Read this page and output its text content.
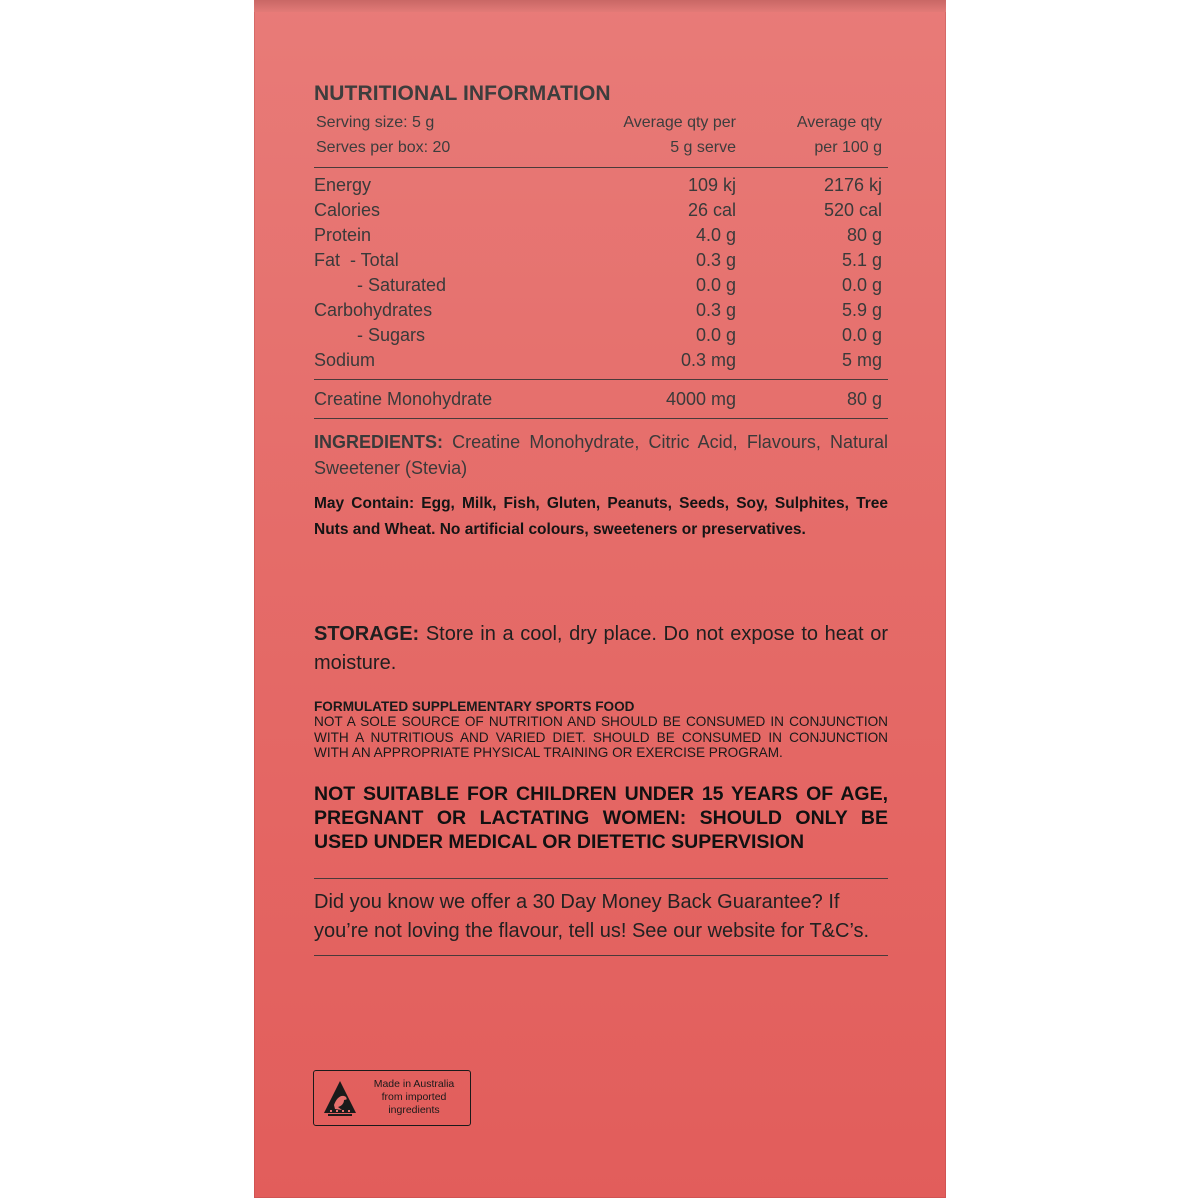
NUTRITIONAL INFORMATION
Serving size: 5 g	Average qty per	Average qty
Serves per box: 20	5 g serve	per 100 g
Energy	109 kj	2176 kj
Calories	26 cal	520 cal
Protein	4.0 g	80 g
Fat  - Total	0.3 g	5.1 g
- Saturated	0.0 g	0.0 g
Carbohydrates	0.3 g	5.9 g
- Sugars	0.0 g	0.0 g
Sodium	0.3 mg	5 mg
Creatine Monohydrate	4000 mg	80 g
INGREDIENTS: Creatine Monohydrate, Citric Acid, Flavours, Natural Sweetener (Stevia)
May Contain: Egg, Milk, Fish, Gluten, Peanuts, Seeds, Soy, Sulphites, Tree Nuts and Wheat. No artificial colours, sweeteners or preservatives.
STORAGE: Store in a cool, dry place. Do not expose to heat or moisture.
FORMULATED SUPPLEMENTARY SPORTS FOOD
NOT A SOLE SOURCE OF NUTRITION AND SHOULD BE CONSUMED IN CONJUNCTION WITH A NUTRITIOUS AND VARIED DIET. SHOULD BE CONSUMED IN CONJUNCTION WITH AN APPROPRIATE PHYSICAL TRAINING OR EXERCISE PROGRAM.
NOT SUITABLE FOR CHILDREN UNDER 15 YEARS OF AGE, PREGNANT OR LACTATING WOMEN: SHOULD ONLY BE USED UNDER MEDICAL OR DIETETIC SUPERVISION
Did you know we offer a 30 Day Money Back Guarantee? If you’re not loving the flavour, tell us! See our website for T&C’s.
Made in Australia
from imported
ingredients
